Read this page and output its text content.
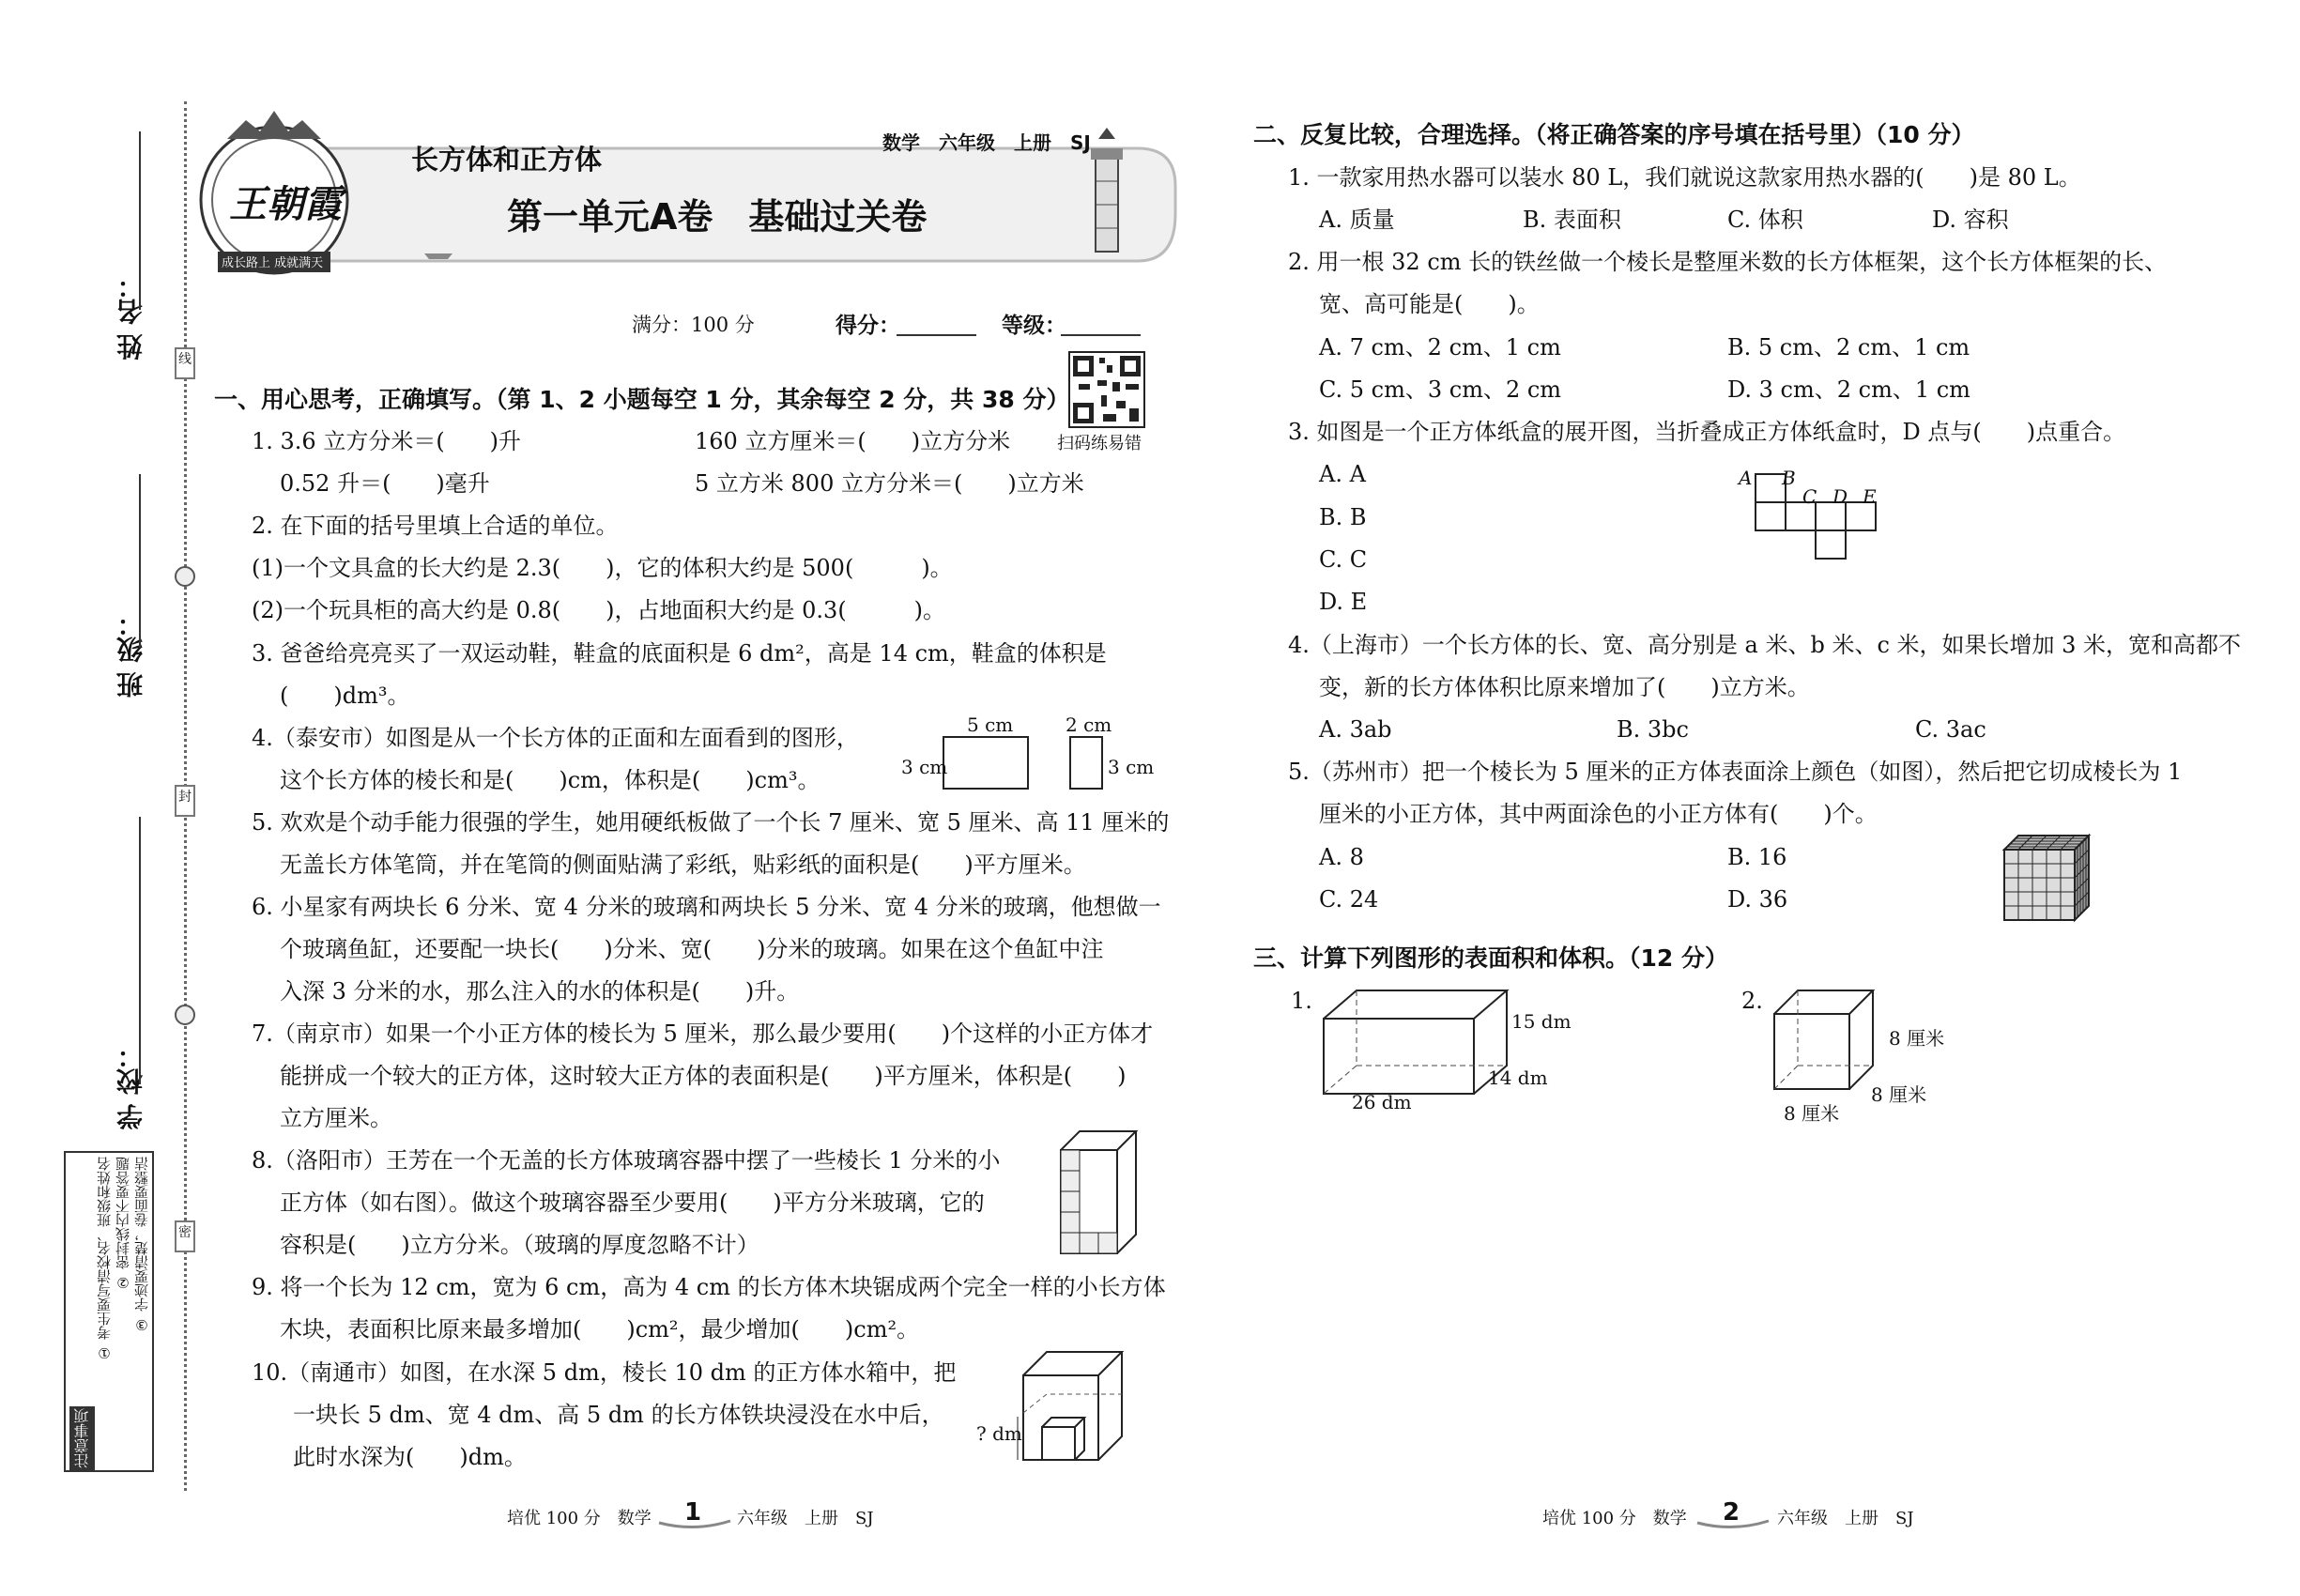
姓 名：
班 级：
学 校：
线
封
密
注意事项
① 考生要写清校名、班级和姓名 ② 密封线内不要答题 ③ 字迹要清楚，卷面要整洁
王朝霞
成长路上 成就满天
数学　六年级　上册　SJ
长方体和正方体
第一单元A卷　基础过关卷
满分：100 分	得分：	等级：
扫码练易错
一、用心思考，正确填写。（第 1、2 小题每空 1 分，其余每空 2 分，共 38 分）
1. 3.6 立方分米＝(　　)升	160 立方厘米＝(　　)立方分米
0.52 升＝(　　)毫升	5 立方米 800 立方分米＝(　　)立方米
2. 在下面的括号里填上合适的单位。
(1)一个文具盒的长大约是 2.3(　　)，它的体积大约是 500(　　　)。
(2)一个玩具柜的高大约是 0.8(　　)，占地面积大约是 0.3(　　　)。
3. 爸爸给亮亮买了一双运动鞋，鞋盒的底面积是 6 dm²，高是 14 cm，鞋盒的体积是
(　　)dm³。
4.（泰安市）如图是从一个长方体的正面和左面看到的图形，
这个长方体的棱长和是(　　)cm，体积是(　　)cm³。
5. 欢欢是个动手能力很强的学生，她用硬纸板做了一个长 7 厘米、宽 5 厘米、高 11 厘米的
无盖长方体笔筒，并在笔筒的侧面贴满了彩纸，贴彩纸的面积是(　　)平方厘米。
6. 小星家有两块长 6 分米、宽 4 分米的玻璃和两块长 5 分米、宽 4 分米的玻璃，他想做一
个玻璃鱼缸，还要配一块长(　　)分米、宽(　　)分米的玻璃。如果在这个鱼缸中注
入深 3 分米的水，那么注入的水的体积是(　　)升。
7.（南京市）如果一个小正方体的棱长为 5 厘米，那么最少要用(　　)个这样的小正方体才
能拼成一个较大的正方体，这时较大正方体的表面积是(　　)平方厘米，体积是(　　)
立方厘米。
8.（洛阳市）王芳在一个无盖的长方体玻璃容器中摆了一些棱长 1 分米的小
正方体（如右图）。做这个玻璃容器至少要用(　　)平方分米玻璃，它的
容积是(　　)立方分米。（玻璃的厚度忽略不计）
9. 将一个长为 12 cm，宽为 6 cm，高为 4 cm 的长方体木块锯成两个完全一样的小长方体
木块，表面积比原来最多增加(　　)cm²，最少增加(　　)cm²。
10.（南通市）如图，在水深 5 dm，棱长 10 dm 的正方体水箱中，把
一块长 5 dm、宽 4 dm、高 5 dm 的长方体铁块浸没在水中后，
此时水深为(　　)dm。
5 cm
3 cm
2 cm
3 cm
? dm
二、反复比较，合理选择。（将正确答案的序号填在括号里）（10 分）
1. 一款家用热水器可以装水 80 L，我们就说这款家用热水器的(　　)是 80 L。
A. 质量	B. 表面积	C. 体积	D. 容积
2. 用一根 32 cm 长的铁丝做一个棱长是整厘米数的长方体框架，这个长方体框架的长、
宽、高可能是(　　)。
A. 7 cm、2 cm、1 cm	B. 5 cm、2 cm、1 cm
C. 5 cm、3 cm、2 cm	D. 3 cm、2 cm、1 cm
3. 如图是一个正方体纸盒的展开图，当折叠成正方体纸盒时，D 点与(　　)点重合。
A. A
B. B
C. C
D. E
A B
C D E
4.（上海市）一个长方体的长、宽、高分别是 a 米、b 米、c 米，如果长增加 3 米，宽和高都不
变，新的长方体体积比原来增加了(　　)立方米。
A. 3ab	B. 3bc	C. 3ac
5.（苏州市）把一个棱长为 5 厘米的正方体表面涂上颜色（如图），然后把它切成棱长为 1
厘米的小正方体，其中两面涂色的小正方体有(　　)个。
A. 8	B. 16
C. 24	D. 36
三、计算下列图形的表面积和体积。（12 分）
1.
15 dm
14 dm
26 dm
2.
8 厘米
8 厘米
8 厘米
培优 100 分　数学 1 六年级　上册　SJ	培优 100 分　数学 2 六年级　上册　SJ
